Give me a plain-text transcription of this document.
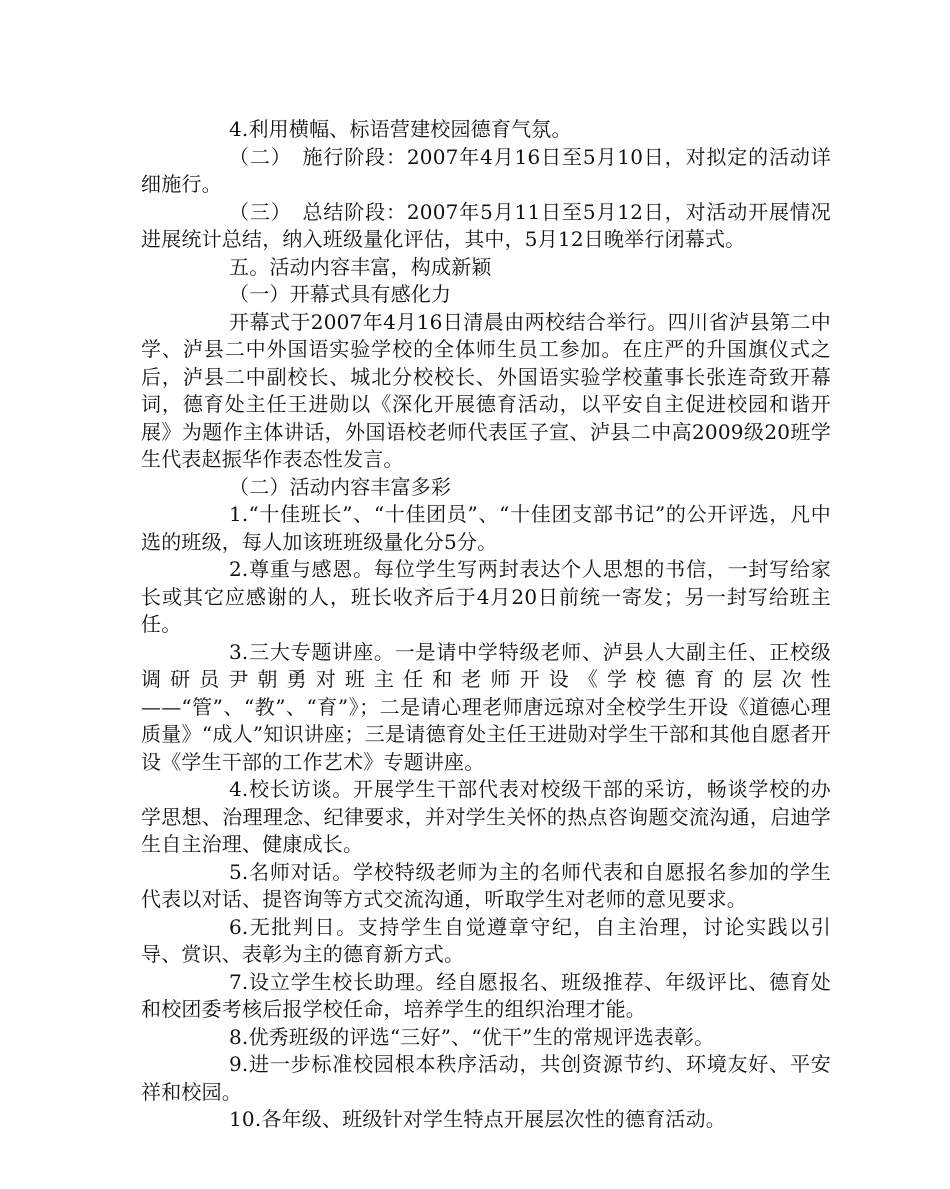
4.利用横幅、标语营建校园德育气氛。

（二）　施行阶段：2007年4月16日至5月10日，对拟定的活动详细施行。

（三）　总结阶段：2007年5月11日至5月12日，对活动开展情况进展统计总结，纳入班级量化评估，其中，5月12日晚举行闭幕式。

五。活动内容丰富，构成新颖

（一）开幕式具有感化力

开幕式于2007年4月16日清晨由两校结合举行。四川省泸县第二中学、泸县二中外国语实验学校的全体师生员工参加。在庄严的升国旗仪式之后，泸县二中副校长、城北分校校长、外国语实验学校董事长张连奇致开幕词，德育处主任王进勋以《深化开展德育活动，以平安自主促进校园和谐开展》为题作主体讲话，外国语校老师代表匡子宣、泸县二中高2009级20班学生代表赵振华作表态性发言。

（二）活动内容丰富多彩

1.“十佳班长”、“十佳团员”、“十佳团支部书记”的公开评选，凡中选的班级，每人加该班班级量化分5分。

2.尊重与感恩。每位学生写两封表达个人思想的书信，一封写给家长或其它应感谢的人，班长收齐后于4月20日前统一寄发；另一封写给班主任。

3.三大专题讲座。一是请中学特级老师、泸县人大副主任、正校级调研员尹朝勇对班主任和老师开设《学校德育的层次性——“管”、“教”、“育”》；二是请心理老师唐远琼对全校学生开设《道德心理质量》“成人”知识讲座；三是请德育处主任王进勋对学生干部和其他自愿者开设《学生干部的工作艺术》专题讲座。

4.校长访谈。开展学生干部代表对校级干部的采访，畅谈学校的办学思想、治理理念、纪律要求，并对学生关怀的热点咨询题交流沟通，启迪学生自主治理、健康成长。

5.名师对话。学校特级老师为主的名师代表和自愿报名参加的学生代表以对话、提咨询等方式交流沟通，听取学生对老师的意见要求。

6.无批判日。支持学生自觉遵章守纪，自主治理，讨论实践以引导、赏识、表彰为主的德育新方式。

7.设立学生校长助理。经自愿报名、班级推荐、年级评比、德育处和校团委考核后报学校任命，培养学生的组织治理才能。

8.优秀班级的评选“三好”、“优干”生的常规评选表彰。

9.进一步标准校园根本秩序活动，共创资源节约、环境友好、平安祥和校园。

10.各年级、班级针对学生特点开展层次性的德育活动。
